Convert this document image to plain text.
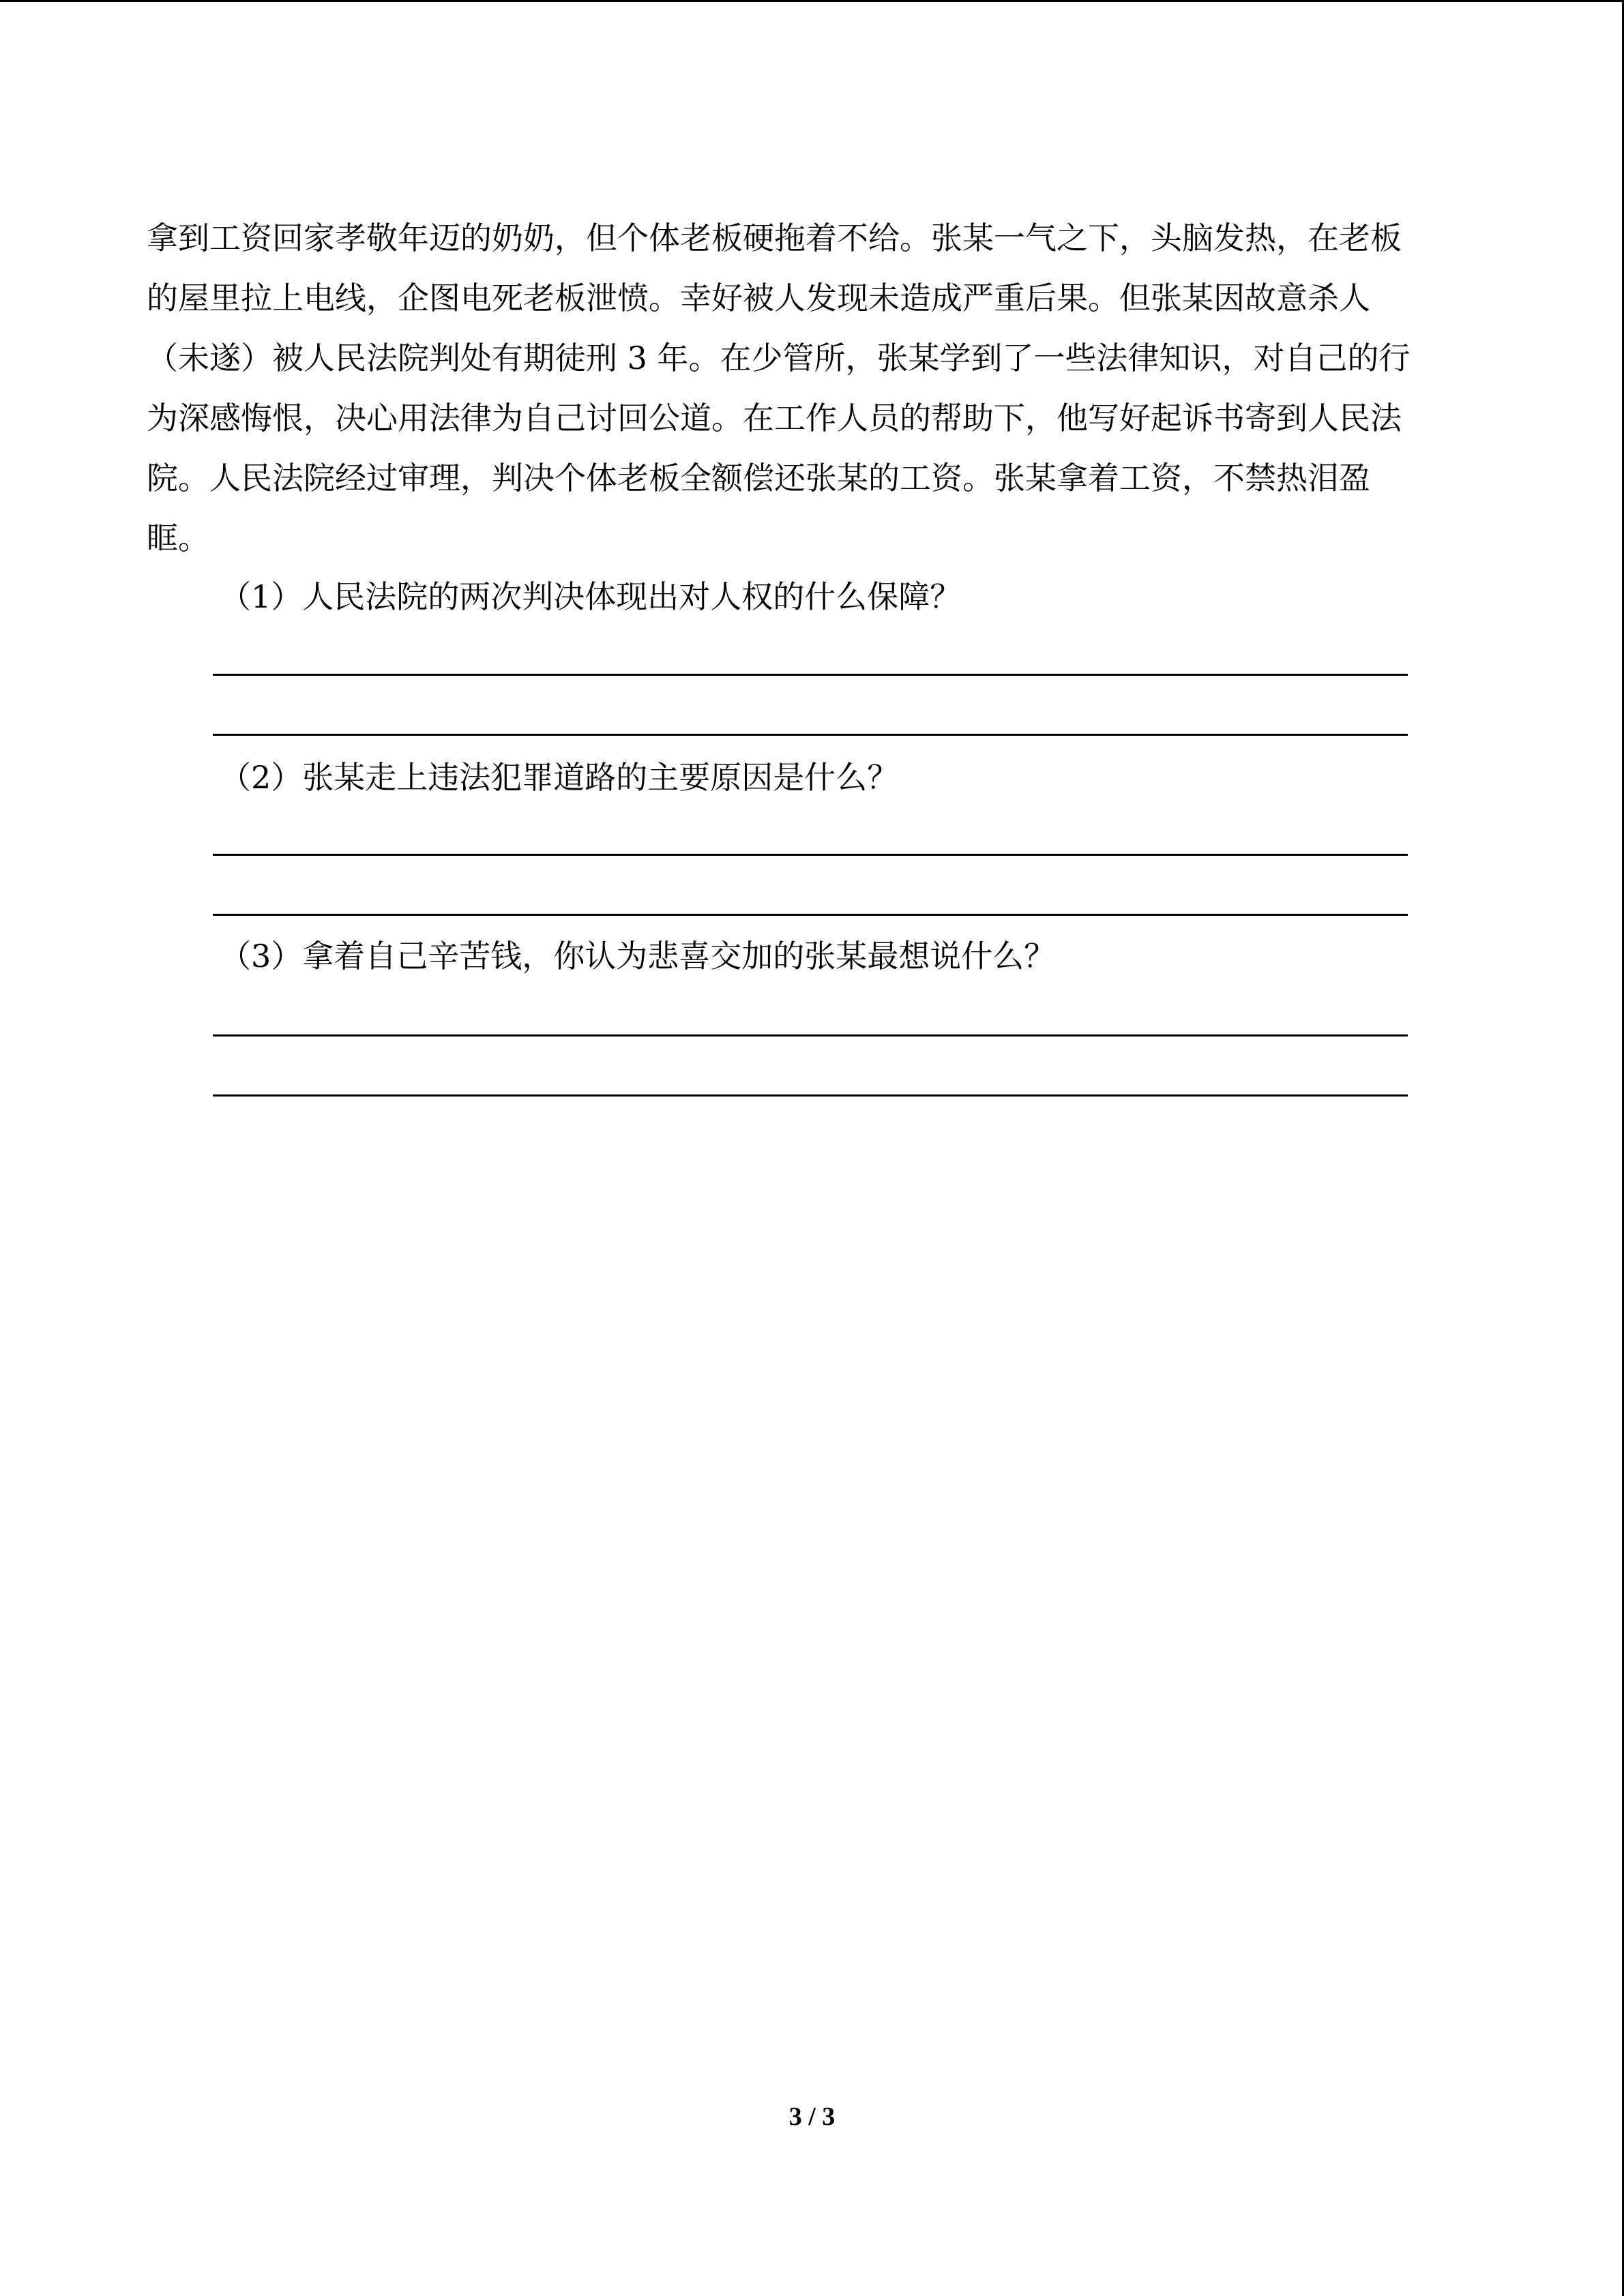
拿到工资回家孝敬年迈的奶奶，但个体老板硬拖着不给。张某一气之下，头脑发热，在老板
的屋里拉上电线，企图电死老板泄愤。幸好被人发现未造成严重后果。但张某因故意杀人
（未遂）被人民法院判处有期徒刑 3 年。在少管所，张某学到了一些法律知识，对自己的行
为深感悔恨，决心用法律为自己讨回公道。在工作人员的帮助下，他写好起诉书寄到人民法
院。人民法院经过审理，判决个体老板全额偿还张某的工资。张某拿着工资，不禁热泪盈
眶。
（1）人民法院的两次判决体现出对人权的什么保障？
（2）张某走上违法犯罪道路的主要原因是什么？
（3）拿着自己辛苦钱，你认为悲喜交加的张某最想说什么？
3 / 3
